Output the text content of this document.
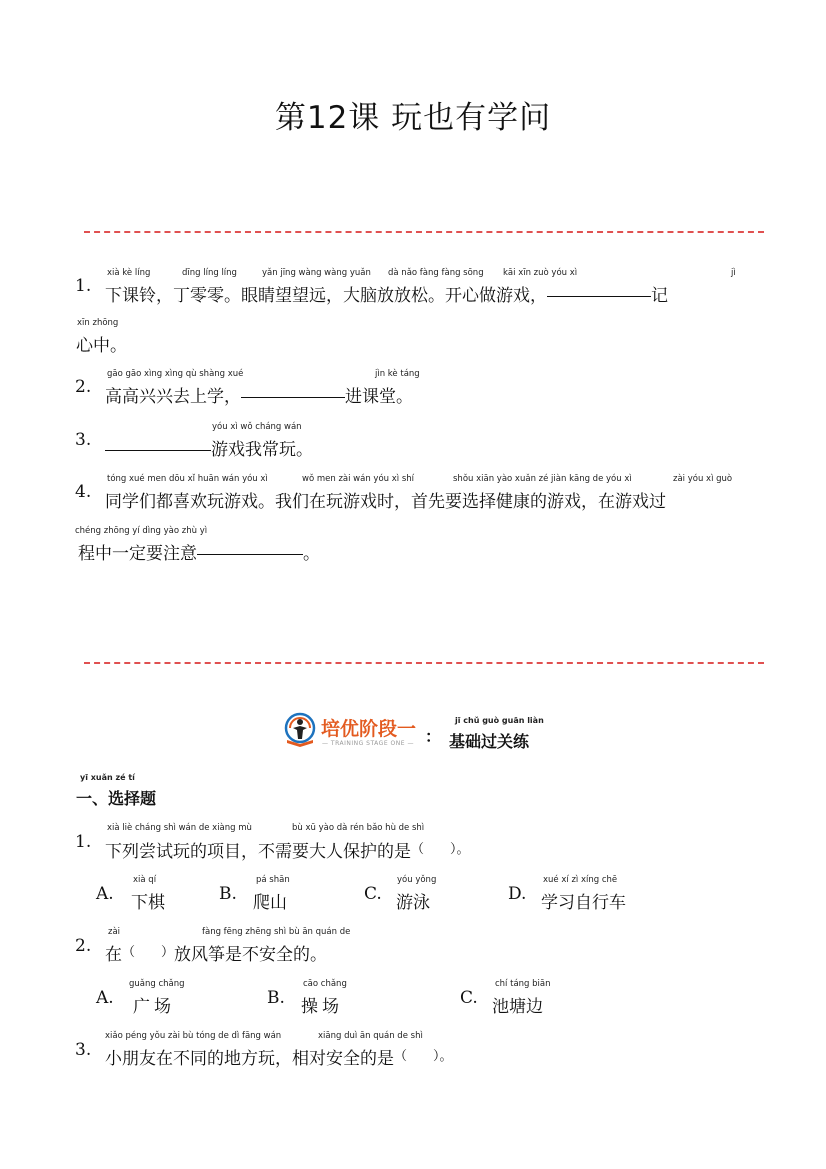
第12课 玩也有学问
1.
xià kè líng	dīng líng líng	yǎn jīng wàng wàng yuǎn dà nǎo fàng fàng sōng kāi xīn zuò yóu xì	jì
下课铃，丁零零。眼睛望望远，大脑放放松。开心做游戏，	记
xīn zhōng
心中。
2.
gāo gāo xìng xìng qù shàng xué	jìn kè táng
高高兴兴去上学，	进课堂。
3.
yóu xì wǒ cháng wán
游戏我常玩。
4.
tóng xué men dōu xǐ huān wán yóu xì	wǒ men zài wán yóu xì shí	shǒu xiān yào xuǎn zé jiàn kāng de yóu xì	zài yóu xì guò
同学们都喜欢玩游戏。我们在玩游戏时，首先要选择健康的游戏，在游戏过
chéng zhōng yí dìng yào zhù yì
程中一定要注意	。
培优阶段一
— TRAINING STAGE ONE — ：
jī chǔ guò guān liàn
基础过关练
yī xuǎn zé tí
一、选择题
1.
xià liè cháng shì wán de xiàng mù	bù xū yào dà rén bǎo hù de shì
下列尝试玩的项目，不需要大人保护的是（　　）。
A.
xià qí
下棋	B.
pá shān
爬山	C.
yóu yǒng
游泳	D.
xué xí zì xíng chē
学习自行车
2.
zài	fàng fēng zhēng shì bù ān quán de
在（　　）放风筝是不安全的。
A.
guǎng chǎng
广场	B.
cāo chǎng
操场	C.
chí táng biān
池塘边
3.
xiǎo péng yǒu zài bù tóng de dì fāng wán	xiāng duì ān quán de shì
小朋友在不同的地方玩，相对安全的是（　　）。
